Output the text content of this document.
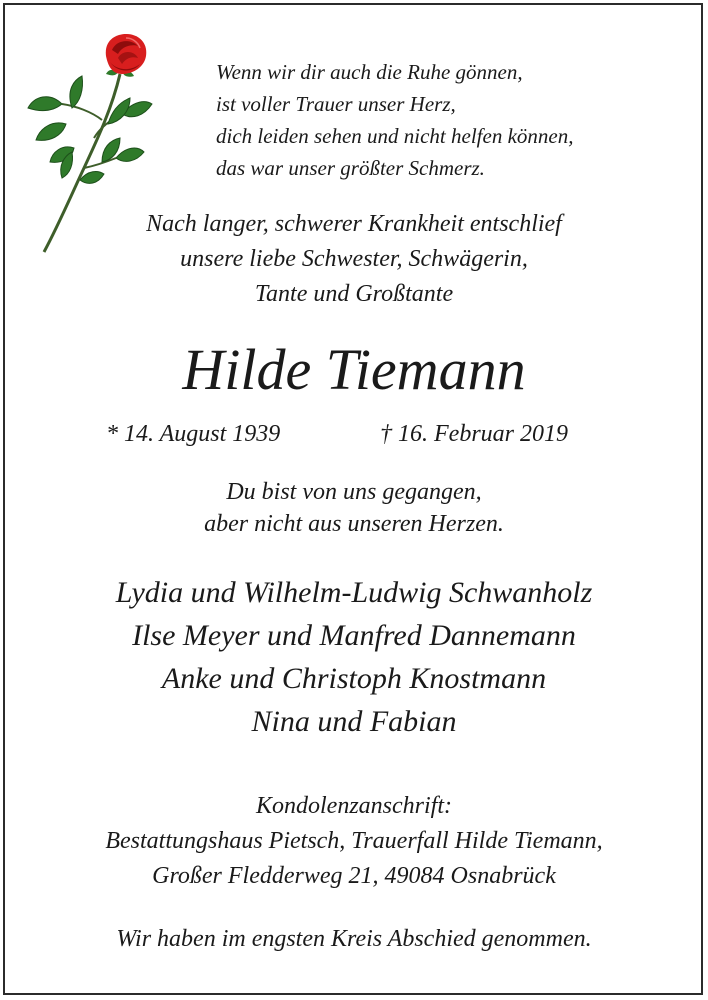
Wenn wir dir auch die Ruhe gönnen,
ist voller Trauer unser Herz,
dich leiden sehen und nicht helfen können,
das war unser größter Schmerz.
Nach langer, schwerer Krankheit entschlief
unsere liebe Schwester, Schwägerin,
Tante und Großtante
Hilde Tiemann
* 14. August 1939	† 16. Februar 2019
Du bist von uns gegangen,
aber nicht aus unseren Herzen.
Lydia und Wilhelm-Ludwig Schwanholz
Ilse Meyer und Manfred Dannemann
Anke und Christoph Knostmann
Nina und Fabian
Kondolenzanschrift:
Bestattungshaus Pietsch, Trauerfall Hilde Tiemann,
Großer Fledderweg 21, 49084 Osnabrück
Wir haben im engsten Kreis Abschied genommen.
